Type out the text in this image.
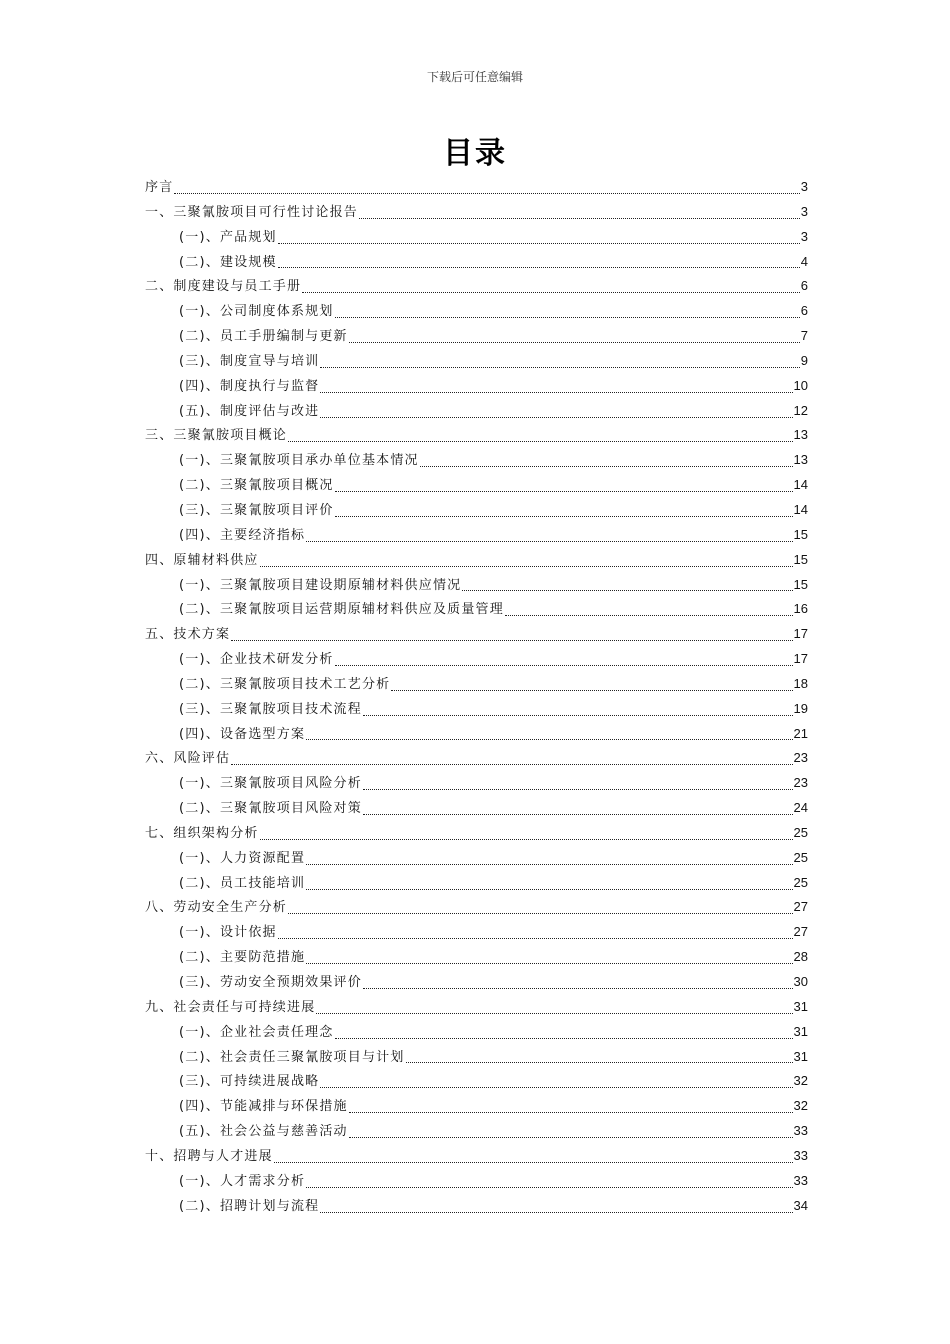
下载后可任意编辑
目录
序言	3
一、三聚氰胺项目可行性讨论报告	3
(一)、产品规划	3
(二)、建设规模	4
二、制度建设与员工手册	6
(一)、公司制度体系规划	6
(二)、员工手册编制与更新	7
(三)、制度宣导与培训	9
(四)、制度执行与监督	10
(五)、制度评估与改进	12
三、三聚氰胺项目概论	13
(一)、三聚氰胺项目承办单位基本情况	13
(二)、三聚氰胺项目概况	14
(三)、三聚氰胺项目评价	14
(四)、主要经济指标	15
四、原辅材料供应	15
(一)、三聚氰胺项目建设期原辅材料供应情况	15
(二)、三聚氰胺项目运营期原辅材料供应及质量管理	16
五、技术方案	17
(一)、企业技术研发分析	17
(二)、三聚氰胺项目技术工艺分析	18
(三)、三聚氰胺项目技术流程	19
(四)、设备选型方案	21
六、风险评估	23
(一)、三聚氰胺项目风险分析	23
(二)、三聚氰胺项目风险对策	24
七、组织架构分析	25
(一)、人力资源配置	25
(二)、员工技能培训	25
八、劳动安全生产分析	27
(一)、设计依据	27
(二)、主要防范措施	28
(三)、劳动安全预期效果评价	30
九、社会责任与可持续进展	31
(一)、企业社会责任理念	31
(二)、社会责任三聚氰胺项目与计划	31
(三)、可持续进展战略	32
(四)、节能减排与环保措施	32
(五)、社会公益与慈善活动	33
十、招聘与人才进展	33
(一)、人才需求分析	33
(二)、招聘计划与流程	34
